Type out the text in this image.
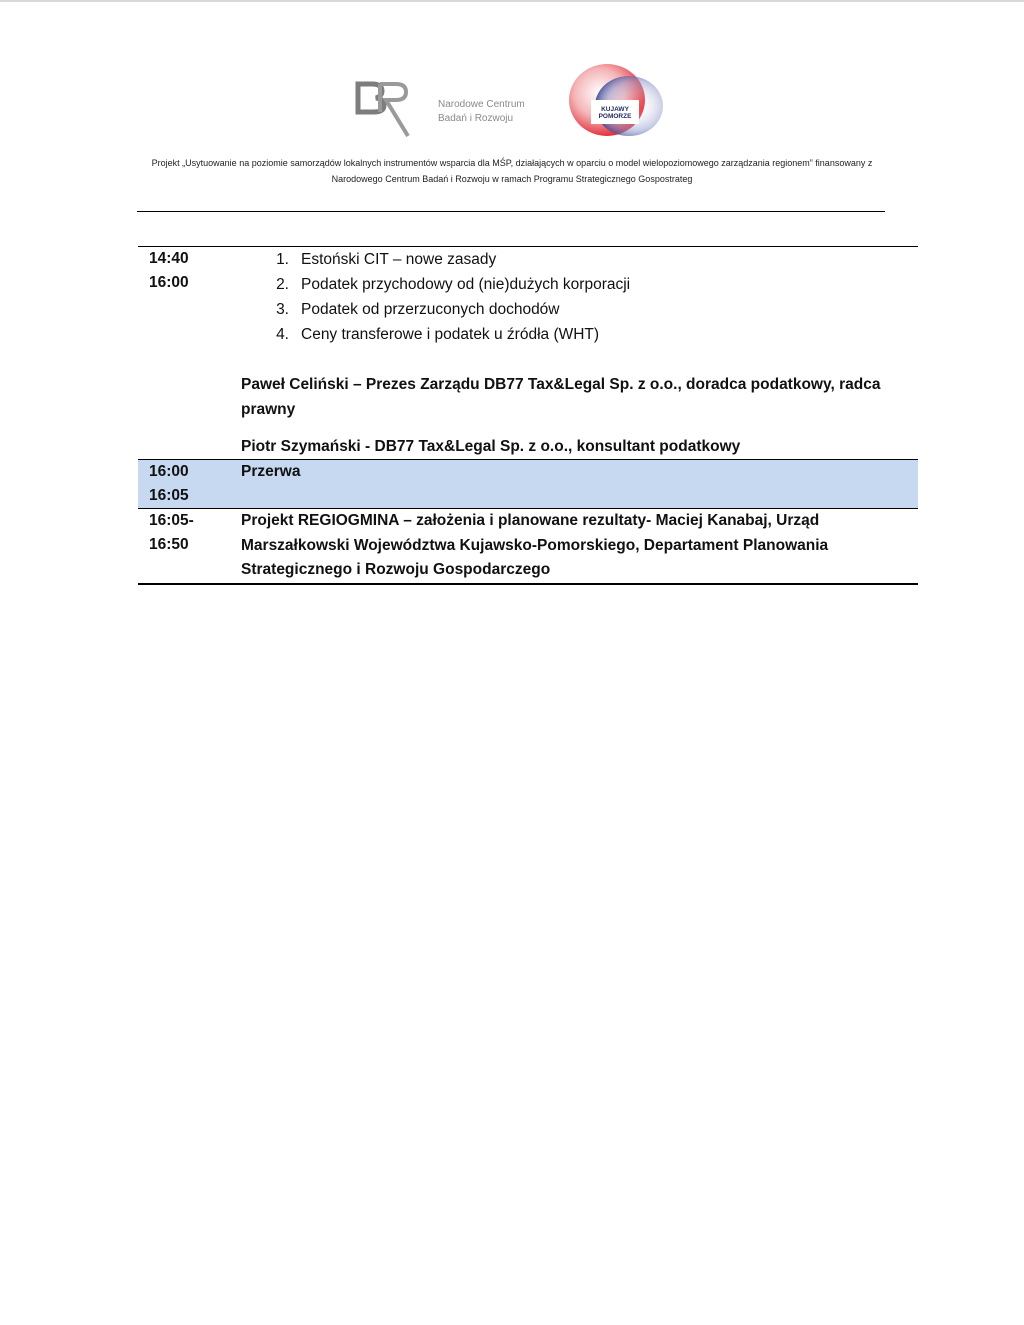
Narodowe Centrum
Badań i Rozwoju
KUJAWY
POMORZE
Projekt „Usytuowanie na poziomie samorządów lokalnych instrumentów wsparcia dla MŚP, działających w oparciu o model wielopoziomowego zarządzania regionem” finansowany z Narodowego Centrum Badań i Rozwoju w ramach Programu Strategicznego Gospostrateg
14:40
16:00
1. Estoński CIT – nowe zasady
2. Podatek przychodowy od (nie)dużych korporacji
3. Podatek od przerzuconych dochodów
4. Ceny transferowe i podatek u źródła (WHT)
Paweł Celiński – Prezes Zarządu DB77 Tax&Legal Sp. z o.o., doradca podatkowy, radca prawny
Piotr Szymański - DB77 Tax&Legal Sp. z o.o., konsultant podatkowy
16:00
16:05
Przerwa
16:05-
16:50
Projekt REGIOGMINA – założenia i planowane rezultaty- Maciej Kanabaj, Urząd Marszałkowski Województwa Kujawsko-Pomorskiego, Departament Planowania Strategicznego i Rozwoju Gospodarczego
